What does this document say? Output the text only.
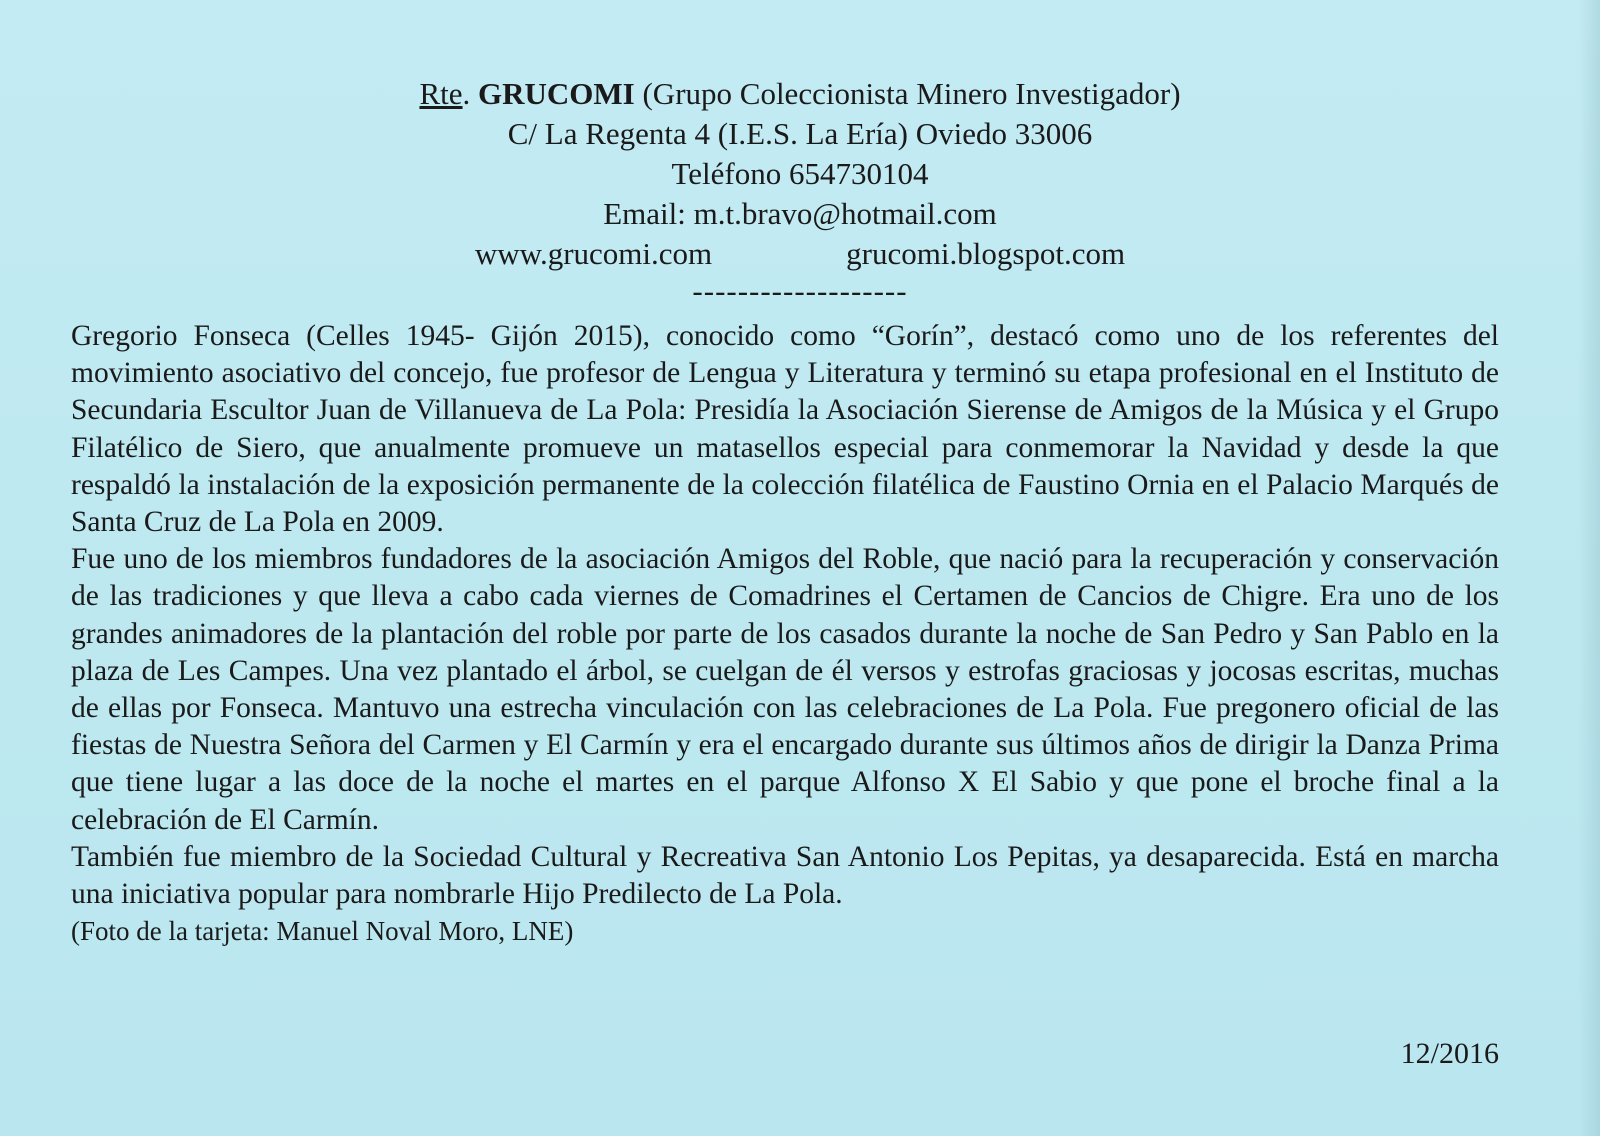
Rte. GRUCOMI (Grupo Coleccionista Minero Investigador)
C/ La Regenta 4 (I.E.S. La Ería) Oviedo 33006
Teléfono 654730104
Email: m.t.bravo@hotmail.com
www.grucomi.com	grucomi.blogspot.com
-------------------

Gregorio Fonseca (Celles 1945- Gijón 2015), conocido como “Gorín”, destacó como uno de los referentes del movimiento asociativo del concejo, fue profesor de Lengua y Literatura y terminó su etapa profesional en el Instituto de Secundaria Escultor Juan de Villanueva de La Pola: Presidía la Asociación Sierense de Amigos de la Música y el Grupo Filatélico de Siero, que anualmente promueve un matasellos especial para conmemorar la Navidad y desde la que respaldó la instalación de la exposición permanente de la colección filatélica de Faustino Ornia en el Palacio Marqués de Santa Cruz de La Pola en 2009.

Fue uno de los miembros fundadores de la asociación Amigos del Roble, que nació para la recuperación y conservación de las tradiciones y que lleva a cabo cada viernes de Comadrines el Certamen de Cancios de Chigre. Era uno de los grandes animadores de la plantación del roble por parte de los casados durante la noche de San Pedro y San Pablo en la plaza de Les Campes. Una vez plantado el árbol, se cuelgan de él versos y estrofas graciosas y jocosas escritas, muchas de ellas por Fonseca. Mantuvo una estrecha vinculación con las celebraciones de La Pola. Fue pregonero oficial de las fiestas de Nuestra Señora del Carmen y El Carmín y era el encargado durante sus últimos años de dirigir la Danza Prima que tiene lugar a las doce de la noche el martes en el parque Alfonso X El Sabio y que pone el broche final a la celebración de El Carmín.

También fue miembro de la Sociedad Cultural y Recreativa San Antonio Los Pepitas, ya desaparecida. Está en marcha una iniciativa popular para nombrarle Hijo Predilecto de La Pola.

(Foto de la tarjeta: Manuel Noval Moro, LNE)

12/2016
